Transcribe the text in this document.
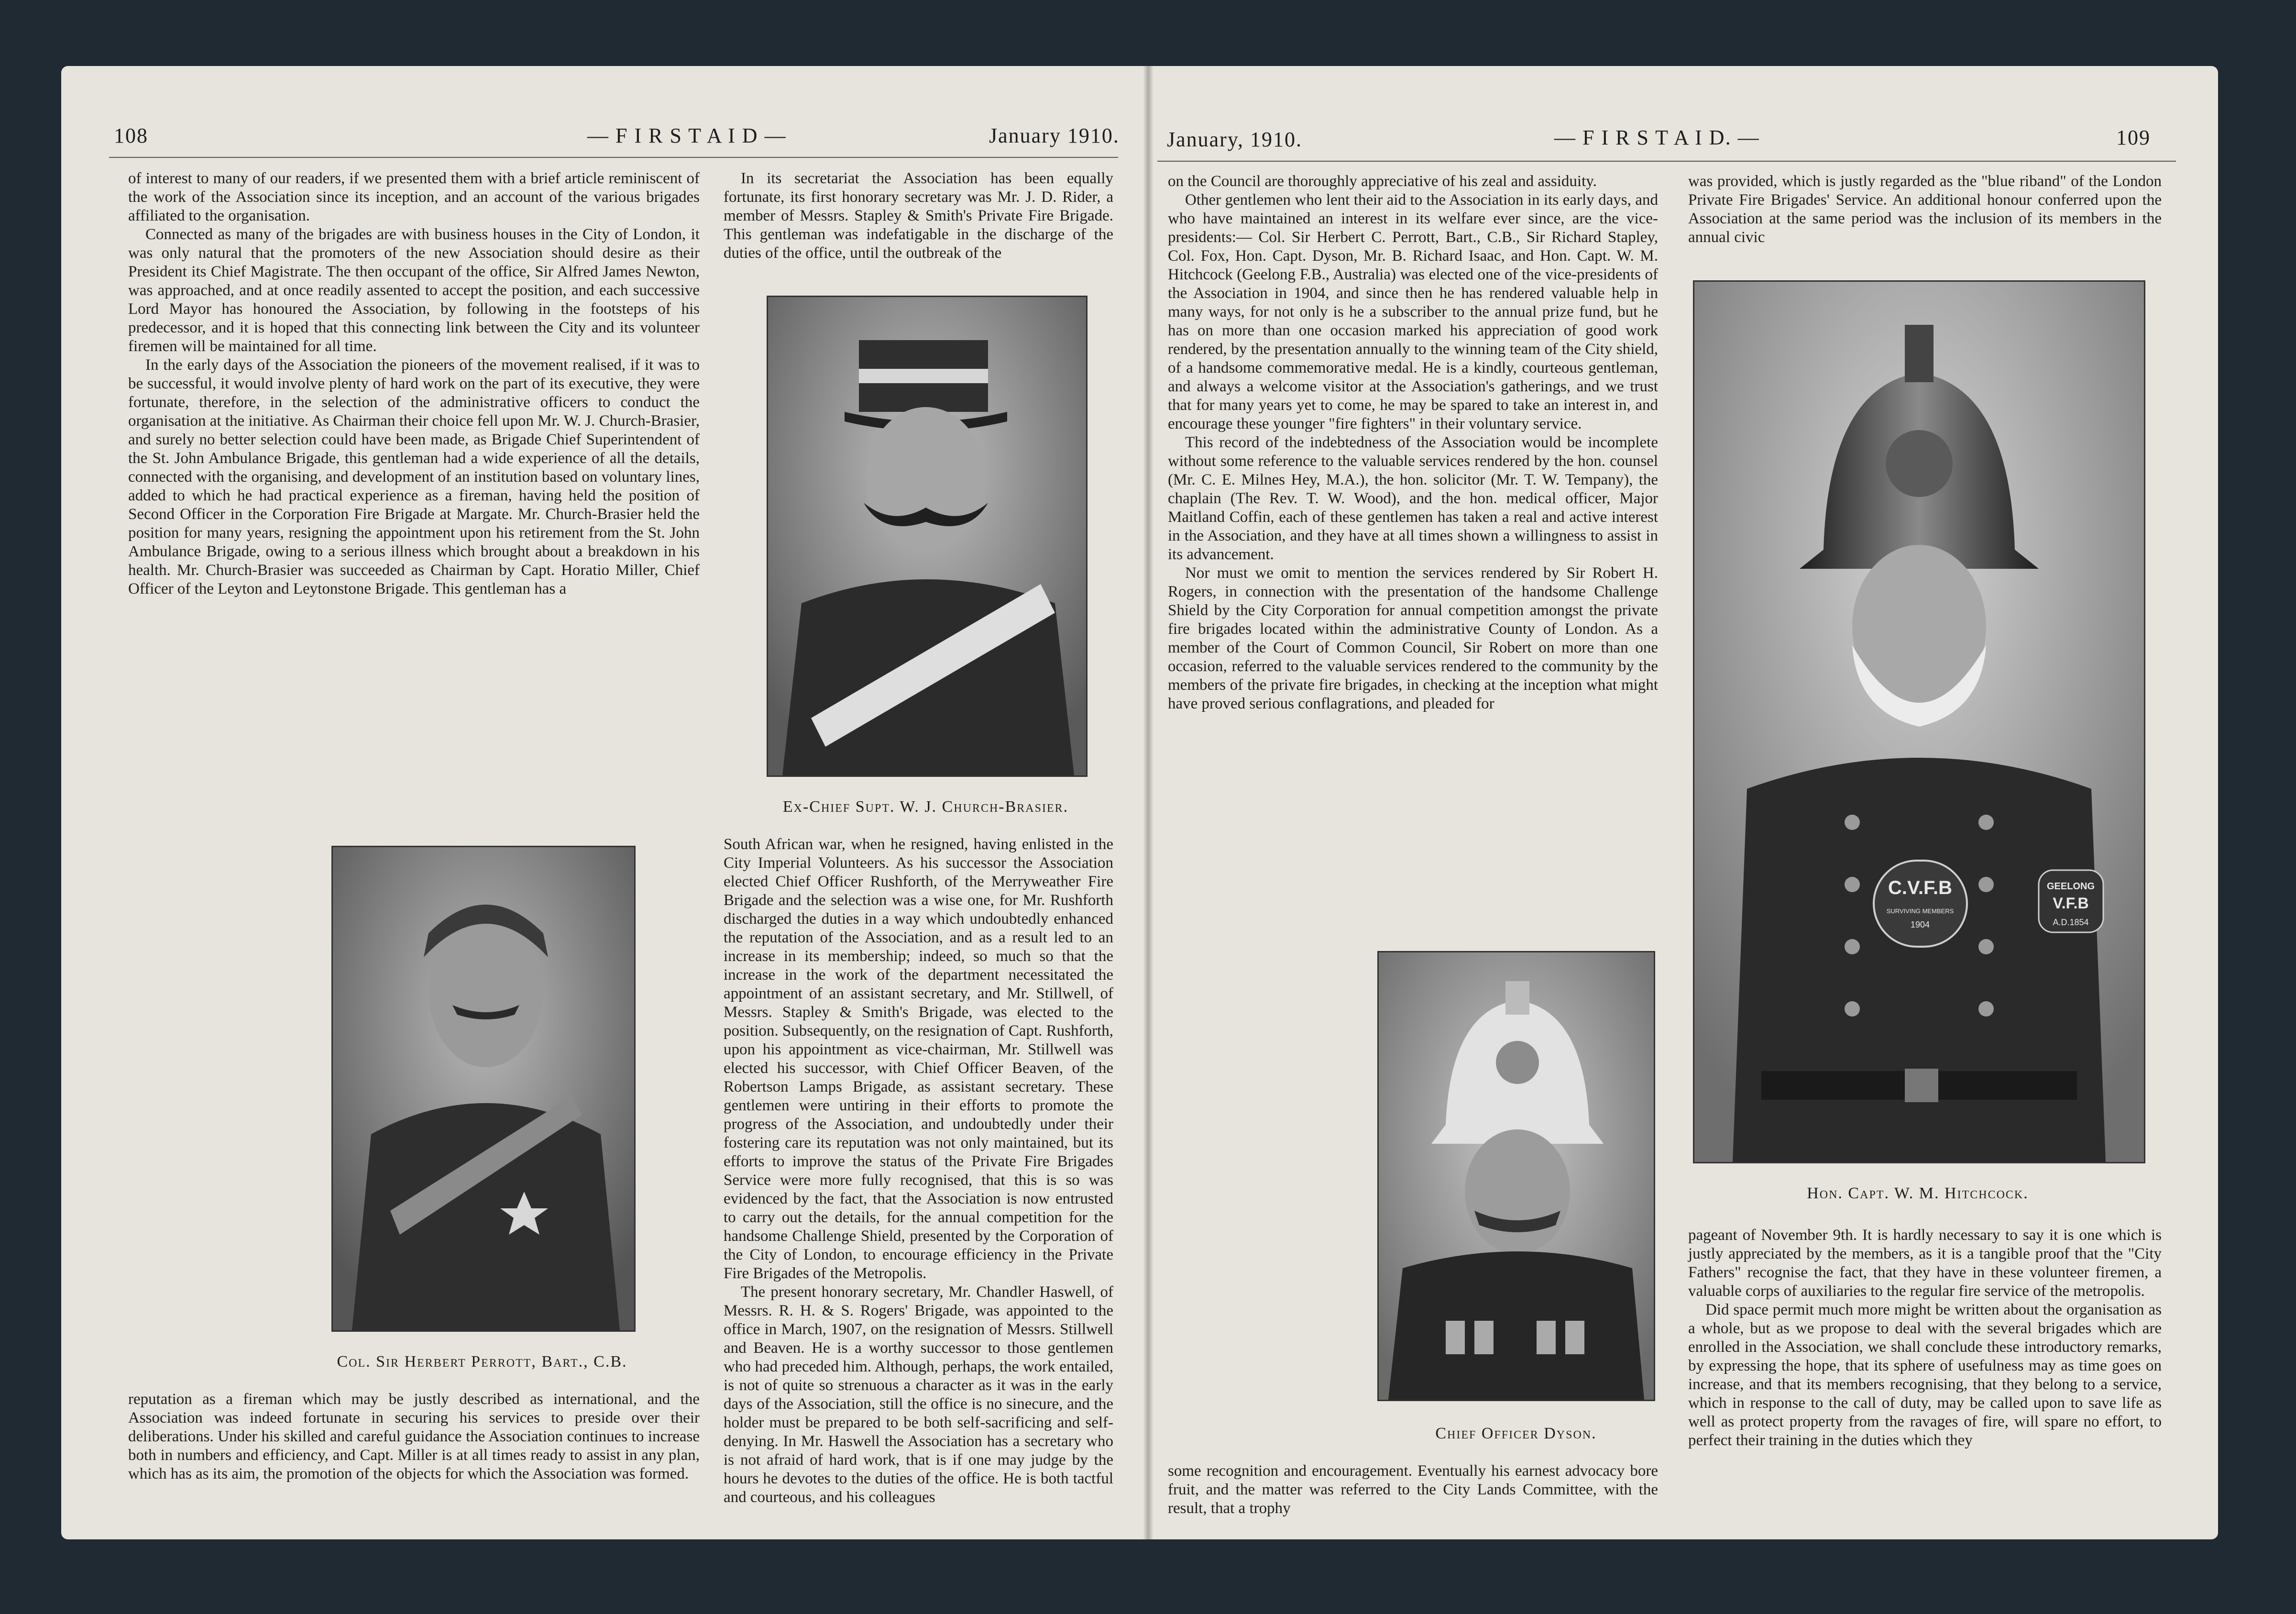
108	— F I R S T A I D —	January 1910.

of interest to many of our readers, if we presented them with a brief article reminiscent of the work of the Association since its inception, and an account of the various brigades affiliated to the organisation.

Connected as many of the brigades are with business houses in the City of London, it was only natural that the promoters of the new Association should desire as their President its Chief Magistrate. The then occupant of the office, Sir Alfred James Newton, was approached, and at once readily assented to accept the position, and each successive Lord Mayor has honoured the Association, by following in the footsteps of his predecessor, and it is hoped that this connecting link between the City and its volunteer firemen will be maintained for all time.

In the early days of the Association the pioneers of the movement realised, if it was to be successful, it would involve plenty of hard work on the part of its executive, they were fortunate, therefore, in the selection of the administrative officers to conduct the organisation at the initiative. As Chairman their choice fell upon Mr. W. J. Church-Brasier, and surely no better selection could have been made, as Brigade Chief Superintendent of the St. John Ambulance Brigade, this gentleman had a wide experience of all the details, connected with the organising, and development of an institution based on voluntary lines, added to which he had practical experience as a fireman, having held the position of Second Officer in the Corporation Fire Brigade at Margate. Mr. Church-Brasier held the position for many years, resigning the appointment upon his retirement from the St. John Ambulance Brigade, owing to a serious illness which brought about a breakdown in his health. Mr. Church-Brasier was succeeded as Chairman by Capt. Horatio Miller, Chief Officer of the Leyton and Leytonstone Brigade. This gentleman has a

Col. Sir Herbert Perrott, Bart., C.B.

reputation as a fireman which may be justly described as international, and the Association was indeed fortunate in securing his services to preside over their deliberations. Under his skilled and careful guidance the Association continues to increase both in numbers and efficiency, and Capt. Miller is at all times ready to assist in any plan, which has as its aim, the promotion of the objects for which the Association was formed.

In its secretariat the Association has been equally fortunate, its first honorary secretary was Mr. J. D. Rider, a member of Messrs. Stapley & Smith's Private Fire Brigade. This gentleman was indefatigable in the discharge of the duties of the office, until the outbreak of the

Ex-Chief Supt. W. J. Church-Brasier.

South African war, when he resigned, having enlisted in the City Imperial Volunteers. As his successor the Association elected Chief Officer Rushforth, of the Merryweather Fire Brigade and the selection was a wise one, for Mr. Rushforth discharged the duties in a way which undoubtedly enhanced the reputation of the Association, and as a result led to an increase in its membership; indeed, so much so that the increase in the work of the department necessitated the appointment of an assistant secretary, and Mr. Stillwell, of Messrs. Stapley & Smith's Brigade, was elected to the position. Subsequently, on the resignation of Capt. Rushforth, upon his appointment as vice-chairman, Mr. Stillwell was elected his successor, with Chief Officer Beaven, of the Robertson Lamps Brigade, as assistant secretary. These gentlemen were untiring in their efforts to promote the progress of the Association, and undoubtedly under their fostering care its reputation was not only maintained, but its efforts to improve the status of the Private Fire Brigades Service were more fully recognised, that this is so was evidenced by the fact, that the Association is now entrusted to carry out the details, for the annual competition for the handsome Challenge Shield, presented by the Corporation of the City of London, to encourage efficiency in the Private Fire Brigades of the Metropolis.

The present honorary secretary, Mr. Chandler Haswell, of Messrs. R. H. & S. Rogers' Brigade, was appointed to the office in March, 1907, on the resignation of Messrs. Stillwell and Beaven. He is a worthy successor to those gentlemen who had preceded him. Although, perhaps, the work entailed, is not of quite so strenuous a character as it was in the early days of the Association, still the office is no sinecure, and the holder must be prepared to be both self-sacrificing and self-denying. In Mr. Haswell the Association has a secretary who is not afraid of hard work, that is if one may judge by the hours he devotes to the duties of the office. He is both tactful and courteous, and his colleagues

January, 1910.	— F I R S T A I D. —	109

on the Council are thoroughly appreciative of his zeal and assiduity.

Other gentlemen who lent their aid to the Association in its early days, and who have maintained an interest in its welfare ever since, are the vice-presidents:— Col. Sir Herbert C. Perrott, Bart., C.B., Sir Richard Stapley, Col. Fox, Hon. Capt. Dyson, Mr. B. Richard Isaac, and Hon. Capt. W. M. Hitchcock (Geelong F.B., Australia) was elected one of the vice-presidents of the Association in 1904, and since then he has rendered valuable help in many ways, for not only is he a subscriber to the annual prize fund, but he has on more than one occasion marked his appreciation of good work rendered, by the presentation annually to the winning team of the City shield, of a handsome commemorative medal. He is a kindly, courteous gentleman, and always a welcome visitor at the Association's gatherings, and we trust that for many years yet to come, he may be spared to take an interest in, and encourage these younger "fire fighters" in their voluntary service.

This record of the indebtedness of the Association would be incomplete without some reference to the valuable services rendered by the hon. counsel (Mr. C. E. Milnes Hey, M.A.), the hon. solicitor (Mr. T. W. Tempany), the chaplain (The Rev. T. W. Wood), and the hon. medical officer, Major Maitland Coffin, each of these gentlemen has taken a real and active interest in the Association, and they have at all times shown a willingness to assist in its advancement.

Nor must we omit to mention the services rendered by Sir Robert H. Rogers, in connection with the presentation of the handsome Challenge Shield by the City Corporation for annual competition amongst the private fire brigades located within the administrative County of London. As a member of the Court of Common Council, Sir Robert on more than one occasion, referred to the valuable services rendered to the community by the members of the private fire brigades, in checking at the inception what might have proved serious conflagrations, and pleaded for

Chief Officer Dyson.

some recognition and encouragement. Eventually his earnest advocacy bore fruit, and the matter was referred to the City Lands Committee, with the result, that a trophy

was provided, which is justly regarded as the "blue riband" of the London Private Fire Brigades' Service. An additional honour conferred upon the Association at the same period was the inclusion of its members in the annual civic

C.V.F.B
SURVIVING MEMBERS
1904
GEELONG
V.F.B
A.D.1854
Hon. Capt. W. M. Hitchcock.

pageant of November 9th. It is hardly necessary to say it is one which is justly appreciated by the members, as it is a tangible proof that the "City Fathers" recognise the fact, that they have in these volunteer firemen, a valuable corps of auxiliaries to the regular fire service of the metropolis.

Did space permit much more might be written about the organisation as a whole, but as we propose to deal with the several brigades which are enrolled in the Association, we shall conclude these introductory remarks, by expressing the hope, that its sphere of usefulness may as time goes on increase, and that its members recognising, that they belong to a service, which in response to the call of duty, may be called upon to save life as well as protect property from the ravages of fire, will spare no effort, to perfect their training in the duties which they
